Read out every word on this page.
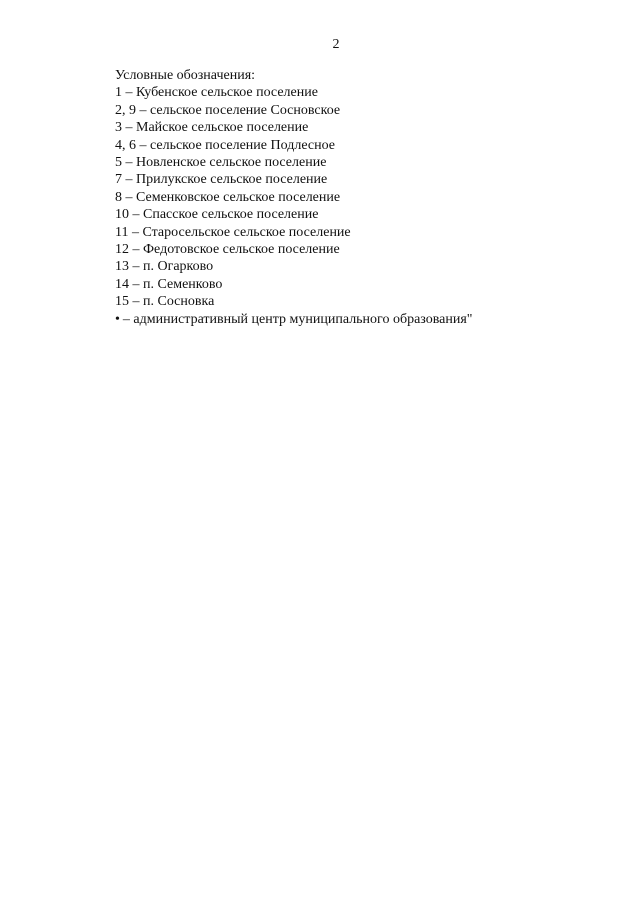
2

Условные обозначения:

1 – Кубенское сельское поселение
2, 9 – сельское поселение Сосновское
3 – Майское сельское поселение
4, 6 – сельское поселение Подлесное
5 – Новленское сельское поселение
7 – Прилукское сельское поселение
8 – Семенковское сельское поселение
10 – Спасское сельское поселение
11 – Старосельское сельское поселение
12 – Федотовское сельское поселение
13 – п. Огарково
14 – п. Семенково
15 – п. Сосновка
• – административный центр муниципального образования"
